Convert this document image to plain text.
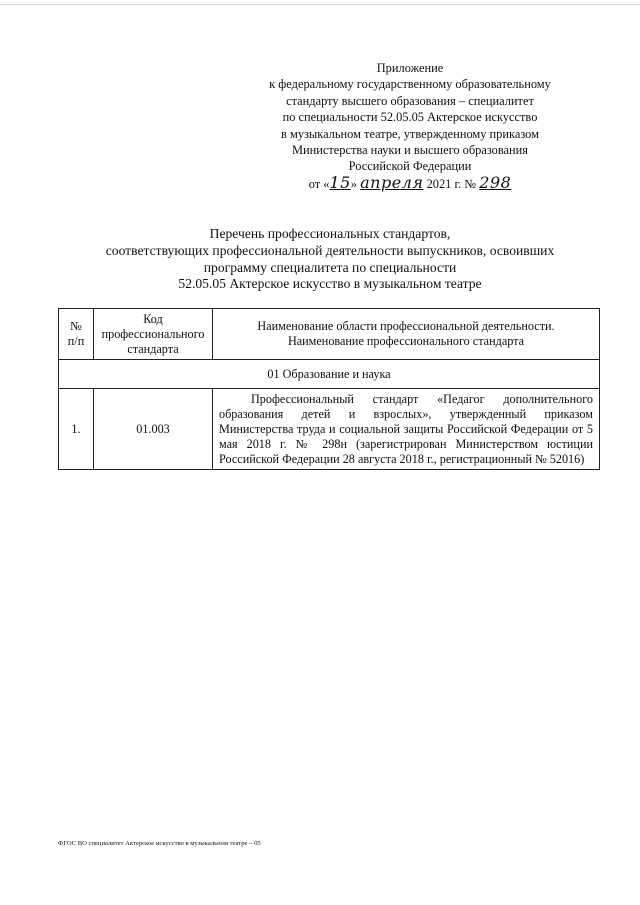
Приложение
к федеральному государственному образовательному
стандарту высшего образования – специалитет
по специальности 52.05.05 Актерское искусство
в музыкальном театре, утвержденному приказом
Министерства науки и высшего образования
Российской Федерации
от «15» апреля 2021 г. № 298
Перечень профессиональных стандартов,
соответствующих профессиональной деятельности выпускников, освоивших
программу специалитета по специальности
52.05.05 Актерское искусство в музыкальном театре
№ п/п	Код профессионального стандарта	Наименование области профессиональной деятельности. Наименование профессионального стандарта
01 Образование и наука		
1.	01.003	Профессиональный стандарт «Педагог дополнительного образования детей и взрослых», утвержденный приказом Министерства труда и социальной защиты Российской Федерации от 5 мая 2018 г. № 298н (зарегистрирован Министерством юстиции Российской Федерации 28 августа 2018 г., регистрационный № 52016)
ФГОС ВО специалитет Актерское искусство в музыкальном театре – 05
